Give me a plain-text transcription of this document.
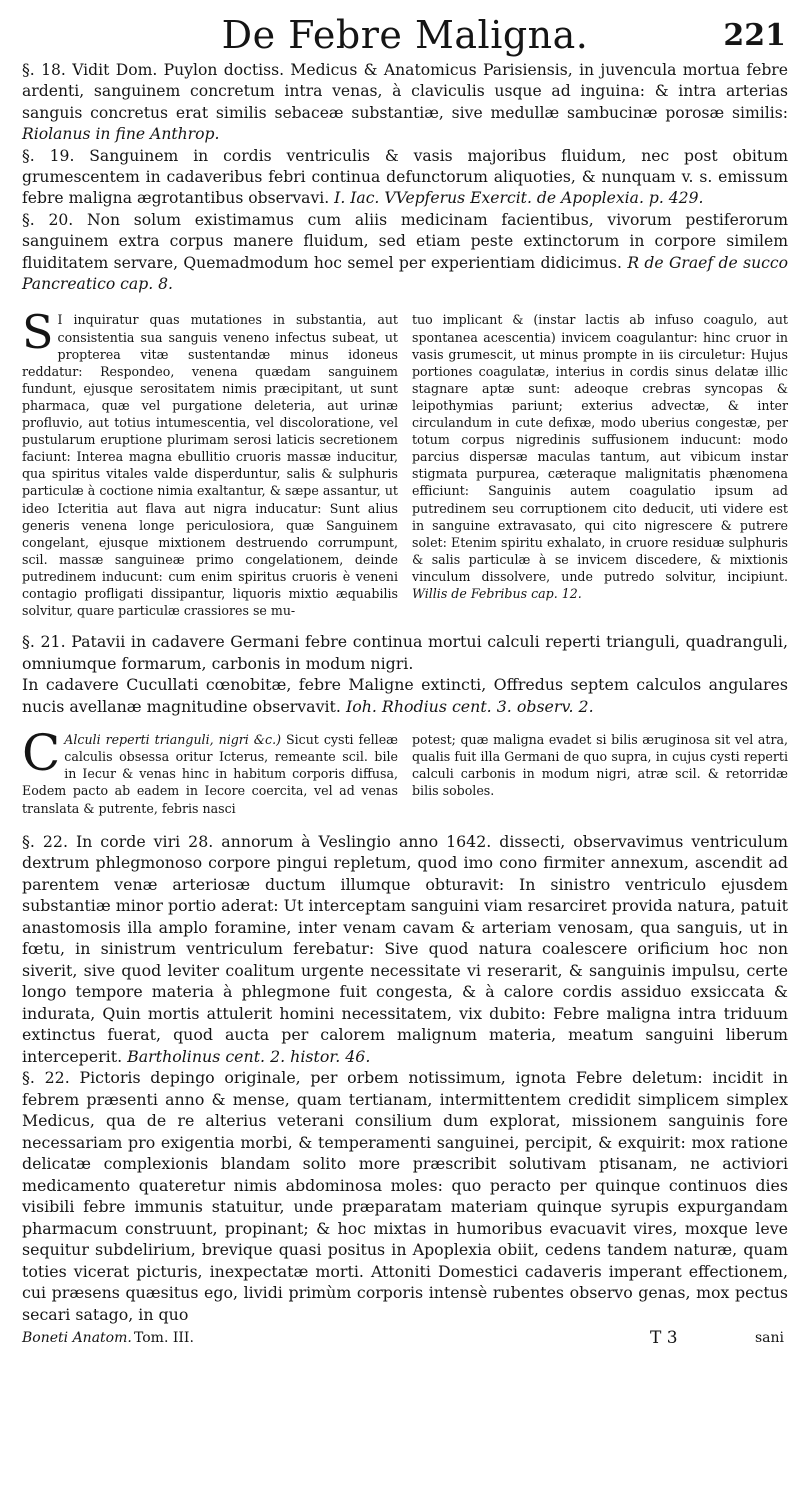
De Febre Maligna.	221

§. 18. Vidit Dom. Puylon doctiss. Medicus & Anatomicus Parisiensis, in juvencula mortua febre ardenti, sanguinem concretum intra venas, à claviculis usque ad inguina: & intra arterias sanguis concretus erat similis sebaceæ substantiæ, sive medullæ sambucinæ porosæ similis: Riolanus in fine Anthrop.

§. 19. Sanguinem in cordis ventriculis & vasis majoribus fluidum, nec post obitum grumescentem in cadaveribus febri continua defunctorum aliquoties, & nunquam v. s. emissum febre maligna ægrotantibus observavi. I. Iac. VVepferus Exercit. de Apoplexia. p. 429.

§. 20. Non solum existimamus cum aliis medicinam facientibus, vivorum pestiferorum sanguinem extra corpus manere fluidum, sed etiam peste extinctorum in corpore similem fluiditatem servare, Quemadmodum hoc semel per experientiam didicimus. R de Graef de succo Pancreatico cap. 8.

S I inquiratur quas mutationes in substantia, aut consistentia sua sanguis veneno infectus subeat, ut propterea vitæ sustentandæ minus idoneus reddatur: Respondeo, venena quædam sanguinem fundunt, ejusque serositatem nimis præcipitant, ut sunt pharmaca, quæ vel purgatione deleteria, aut urinæ profluvio, aut totius intumescentia, vel discoloratione, vel pustularum eruptione plurimam serosi laticis secretionem faciunt: Interea magna ebullitio cruoris massæ inducitur, qua spiritus vitales valde disperduntur, salis & sulphuris particulæ à coctione nimia exaltantur, & sæpe assantur, ut ideo Icteritia aut flava aut nigra inducatur: Sunt alius generis venena longe periculosiora, quæ Sanguinem congelant, ejusque mixtionem destruendo corrumpunt, scil. massæ sanguineæ primo congelationem, deinde putredinem inducunt: cum enim spiritus cruoris è veneni contagio profligati dissipantur, liquoris mixtio æquabilis solvitur, quare particulæ crassiores se mu-

tuo implicant & (instar lactis ab infuso coagulo, aut spontanea acescentia) invicem coagulantur: hinc cruor in vasis grumescit, ut minus prompte in iis circuletur: Hujus portiones coagulatæ, interius in cordis sinus delatæ illic stagnare aptæ sunt: adeoque crebras syncopas & leipothymias pariunt; exterius advectæ, & inter circulandum in cute defixæ, modo uberius congestæ, per totum corpus nigredinis suffusionem inducunt: modo parcius dispersæ maculas tantum, aut vibicum instar stigmata purpurea, cæteraque malignitatis phænomena efficiunt: Sanguinis autem coagulatio ipsum ad putredinem seu corruptionem cito deducit, uti videre est in sanguine extravasato, qui cito nigrescere & putrere solet: Etenim spiritu exhalato, in cruore residuæ sulphuris & salis particulæ à se invicem discedere, & mixtionis vinculum dissolvere, unde putredo solvitur, incipiunt. Willis de Febribus cap. 12.

§. 21. Patavii in cadavere Germani febre continua mortui calculi reperti trianguli, quadranguli, omniumque formarum, carbonis in modum nigri.

In cadavere Cucullati cœnobitæ, febre Maligne extincti, Offredus septem calculos angulares nucis avellanæ magnitudine observavit. Ioh. Rhodius cent. 3. observ. 2.

C Alculi reperti trianguli, nigri &c.) Sicut cysti felleæ calculis obsessa oritur Icterus, remeante scil. bile in Iecur & venas hinc in habitum corporis diffusa, Eodem pacto ab eadem in Iecore coercita, vel ad venas translata & putrente, febris nasci

potest; quæ maligna evadet si bilis æruginosa sit vel atra, qualis fuit illa Germani de quo supra, in cujus cysti reperti calculi carbonis in modum nigri, atræ scil. & retorridæ bilis soboles.

§. 22. In corde viri 28. annorum à Veslingio anno 1642. dissecti, observavimus ventriculum dextrum phlegmonoso corpore pingui repletum, quod imo cono firmiter annexum, ascendit ad parentem venæ arteriosæ ductum illumque obturavit: In sinistro ventriculo ejusdem substantiæ minor portio aderat: Ut interceptam sanguini viam resarciret provida natura, patuit anastomosis illa amplo foramine, inter venam cavam & arteriam venosam, qua sanguis, ut in fœtu, in sinistrum ventriculum ferebatur: Sive quod natura coalescere orificium hoc non siverit, sive quod leviter coalitum urgente necessitate vi reserarit, & sanguinis impulsu, certe longo tempore materia à phlegmone fuit congesta, & à calore cordis assiduo exsiccata & indurata, Quin mortis attulerit homini necessitatem, vix dubito: Febre maligna intra triduum extinctus fuerat, quod aucta per calorem malignum materia, meatum sanguini liberum interceperit. Bartholinus cent. 2. histor. 46.

§. 22. Pictoris depingo originale, per orbem notissimum, ignota Febre deletum: incidit in febrem præsenti anno & mense, quam tertianam, intermittentem credidit simplicem simplex Medicus, qua de re alterius veterani consilium dum explorat, missionem sanguinis fore necessariam pro exigentia morbi, & temperamenti sanguinei, percipit, & exquirit: mox ratione delicatæ complexionis blandam solito more præscribit solutivam ptisanam, ne activiori medicamento quateretur nimis abdominosa moles: quo peracto per quinque continuos dies visibili febre immunis statuitur, unde præparatam materiam quinque syrupis expurgandam pharmacum construunt, propinant; & hoc mixtas in humoribus evacuavit vires, moxque leve sequitur subdelirium, brevique quasi positus in Apoplexia obiit, cedens tandem naturæ, quam toties vicerat picturis, inexpectatæ morti. Attoniti Domestici cadaveris imperant effectionem, cui præsens quæsitus ego, lividi primùm corporis intensè rubentes observo genas, mox pectus secari satago, in quo

Boneti Anatom. Tom. III.	T 3	sani
